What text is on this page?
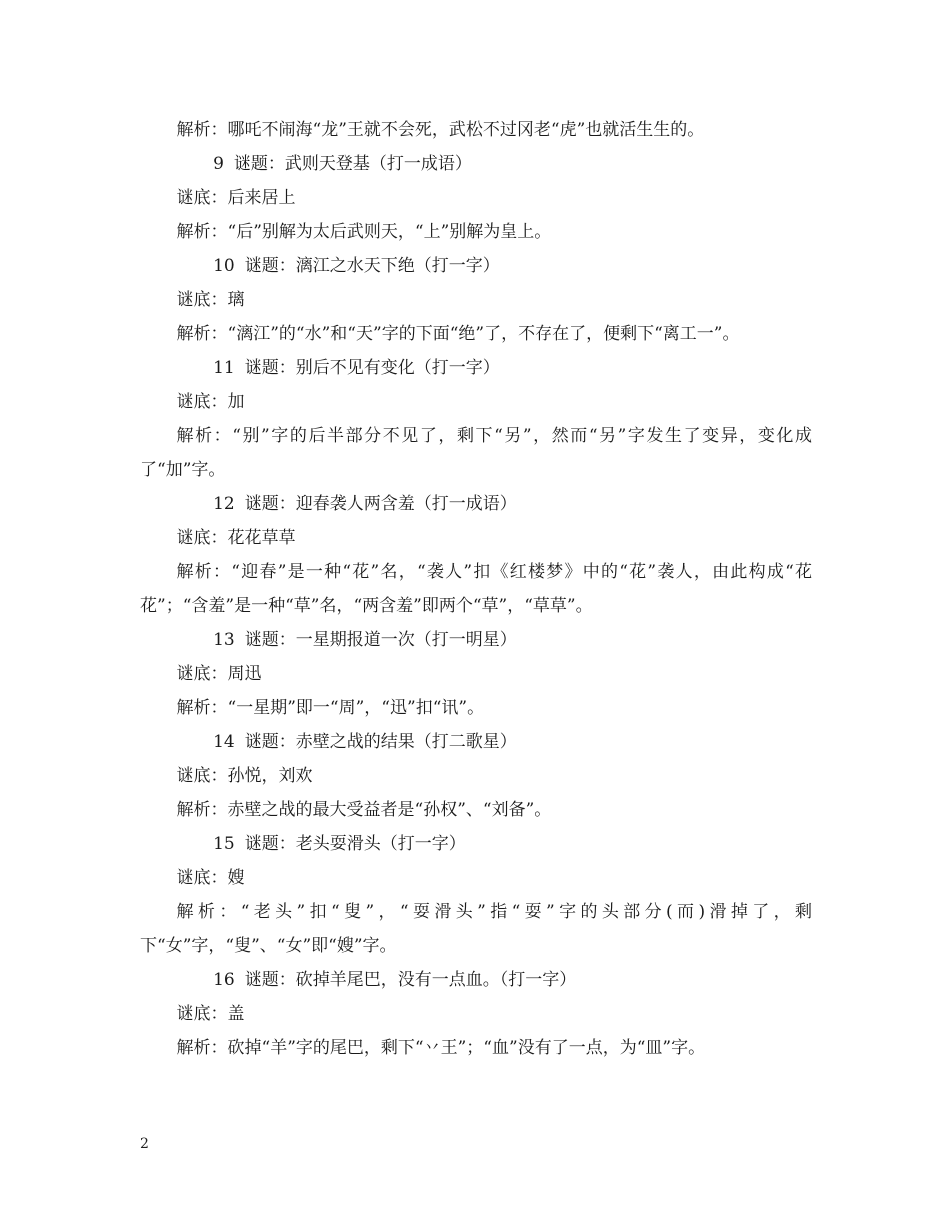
解析：哪吒不闹海“龙”王就不会死，武松不过冈老“虎”也就活生生的。

9 谜题：武则天登基（打一成语）

谜底：后来居上

解析：“后”别解为太后武则天，“上”别解为皇上。

10 谜题：漓江之水天下绝（打一字）

谜底：璃

解析：“漓江”的“水”和“天”字的下面“绝”了，不存在了，便剩下“离工一”。

11 谜题：别后不见有变化（打一字）

谜底：加

解析：“别”字的后半部分不见了，剩下“另”，然而“另”字发生了变异，变化成了“加”字。

12 谜题：迎春袭人两含羞（打一成语）

谜底：花花草草

解析：“迎春”是一种“花”名，“袭人”扣《红楼梦》中的“花”袭人，由此构成“花花”；“含羞”是一种“草”名，“两含羞”即两个“草”，“草草”。

13 谜题：一星期报道一次（打一明星）

谜底：周迅

解析：“一星期”即一“周”，“迅”扣“讯”。

14 谜题：赤壁之战的结果（打二歌星）

谜底：孙悦，刘欢

解析：赤壁之战的最大受益者是“孙权”、“刘备”。

15 谜题：老头耍滑头（打一字）

谜底：嫂

解析：“老头”扣“叟”，“耍滑头”指“耍”字的头部分(而)滑掉了，剩下“女”字，“叟”、“女”即“嫂”字。

16 谜题：砍掉羊尾巴，没有一点血。（打一字）

谜底：盖

解析：砍掉“羊”字的尾巴，剩下“丷王”；“血”没有了一点，为“皿”字。

2
